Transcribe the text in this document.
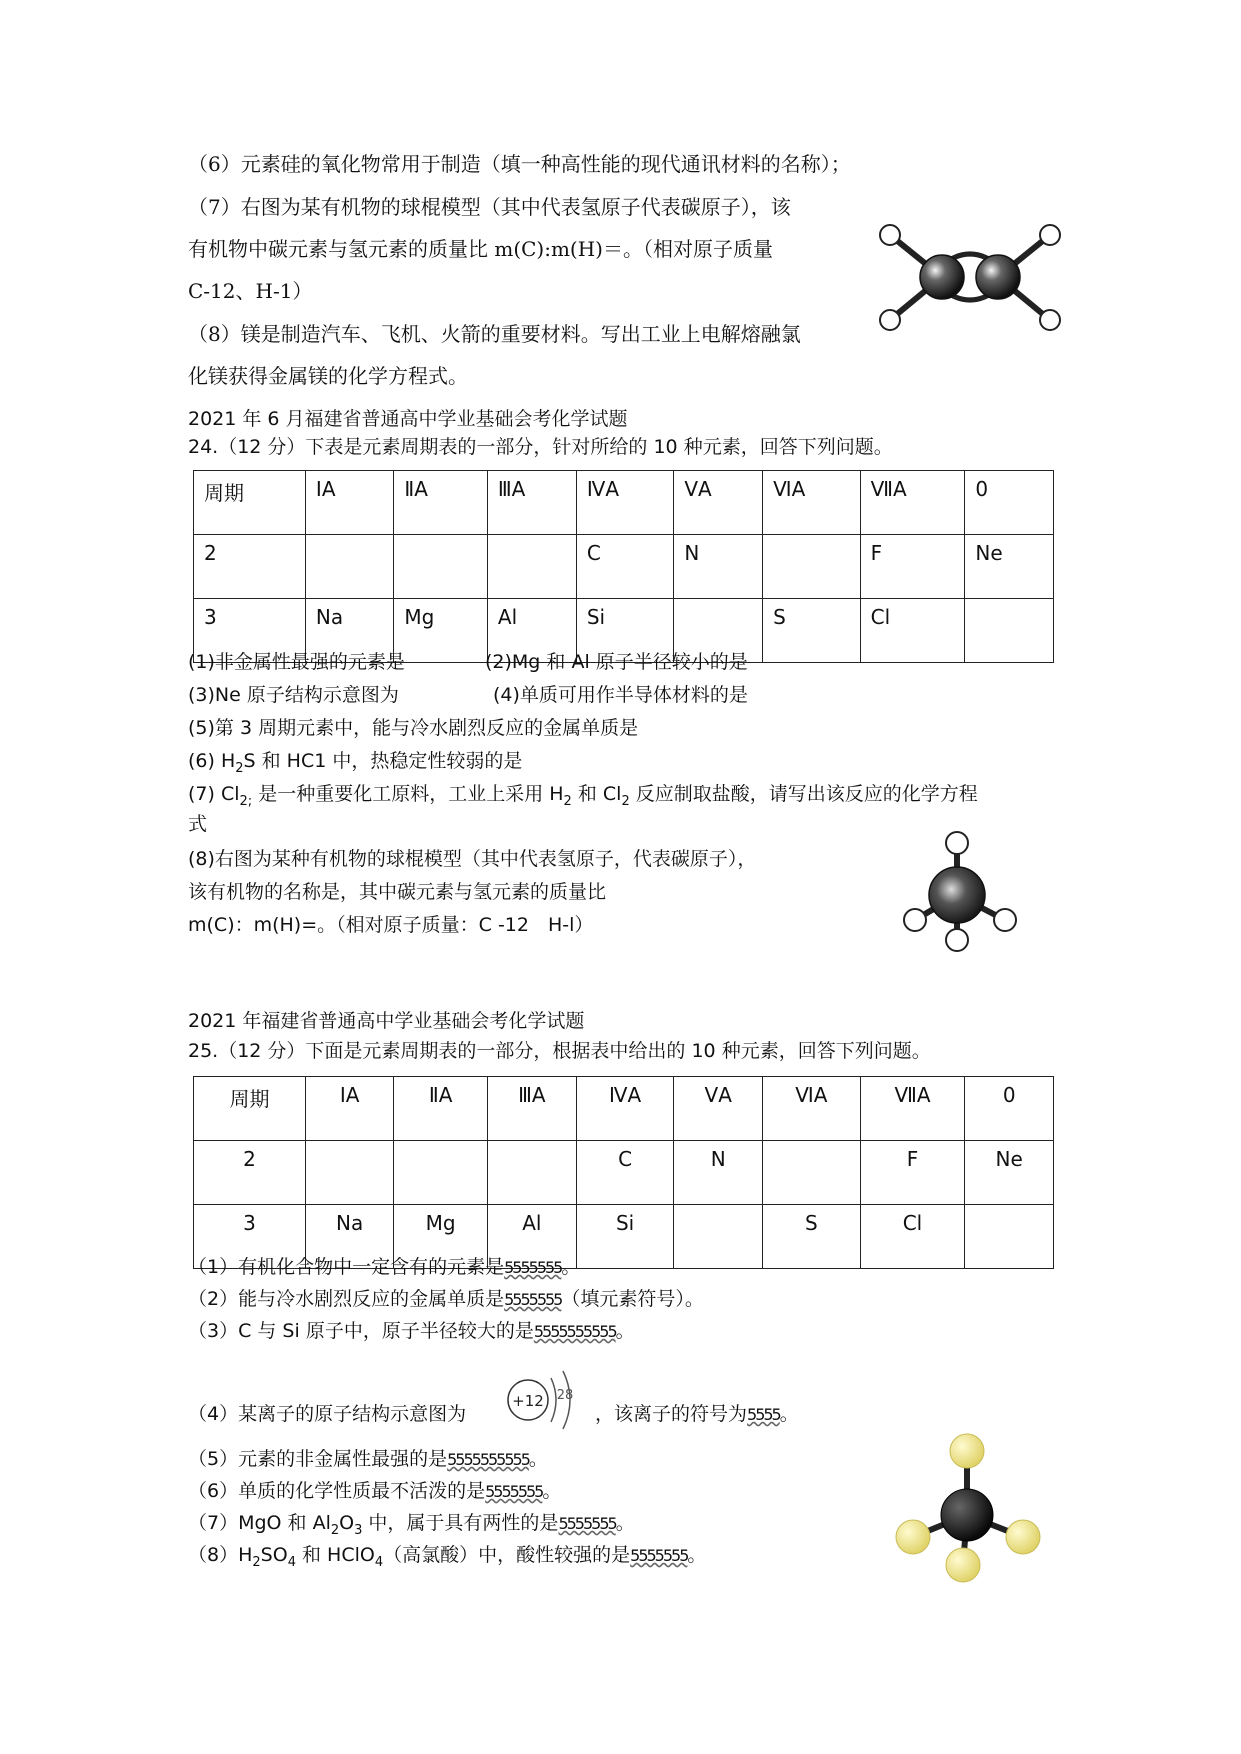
（6）元素硅的氧化物常用于制造（填一种高性能的现代通讯材料的名称）；
（7）右图为某有机物的球棍模型（其中代表氢原子代表碳原子），该
有机物中碳元素与氢元素的质量比 m(C):m(H)＝。（相对原子质量
C-12、H-1）
（8）镁是制造汽车、飞机、火箭的重要材料。写出工业上电解熔融氯
化镁获得金属镁的化学方程式。
2021 年 6 月福建省普通高中学业基础会考化学试题
24.（12 分）下表是元素周期表的一部分，针对所给的 10 种元素，回答下列问题。
周期	ⅠA	ⅡA	ⅢA	ⅣA	ⅤA	ⅥA	ⅦA	0
2				C	N		F	Ne
3	Na	Mg	Al	Si		S	Cl	
(1)非金属性最强的元素是	(2)Mg 和 Al 原子半径较小的是
(3)Ne 原子结构示意图为	(4)单质可用作半导体材料的是
(5)第 3 周期元素中，能与冷水剧烈反应的金属单质是
(6) $H_2S$ 和 HC1 中，热稳定性较弱的是
(7) $Cl_{2;}$ 是一种重要化工原料，工业上采用 $H_2$ 和 $Cl_2$ 反应制取盐酸，请写出该反应的化学方程
式
(8)右图为某种有机物的球棍模型（其中代表氢原子，代表碳原子），
该有机物的名称是，其中碳元素与氢元素的质量比
m(C)：m(H)=。（相对原子质量：C -12　H-l）
2021 年福建省普通高中学业基础会考化学试题
25.（12 分）下面是元素周期表的一部分，根据表中给出的 10 种元素，回答下列问题。
周期	ⅠA	ⅡA	ⅢA	ⅣA	ⅤA	ⅥA	ⅦA	0
2				C	N		F	Ne
3	Na	Mg	Al	Si		S	Cl	
（1）有机化合物中一定含有的元素是5555555。
（2）能与冷水剧烈反应的金属单质是5555555（填元素符号）。
（3）C 与 Si 原子中，原子半径较大的是5555555555。
（4）某离子的原子结构示意图为
+12 28
，该离子的符号为5555。
（5）元素的非金属性最强的是5555555555。
（6）单质的化学性质最不活泼的是5555555。
（7）MgO 和 $Al_2O_3$ 中，属于具有两性的是5555555。
$(8)H_2SO_4$ 和 HClO$_4$（高氯酸）中，酸性较强的是5555555。
